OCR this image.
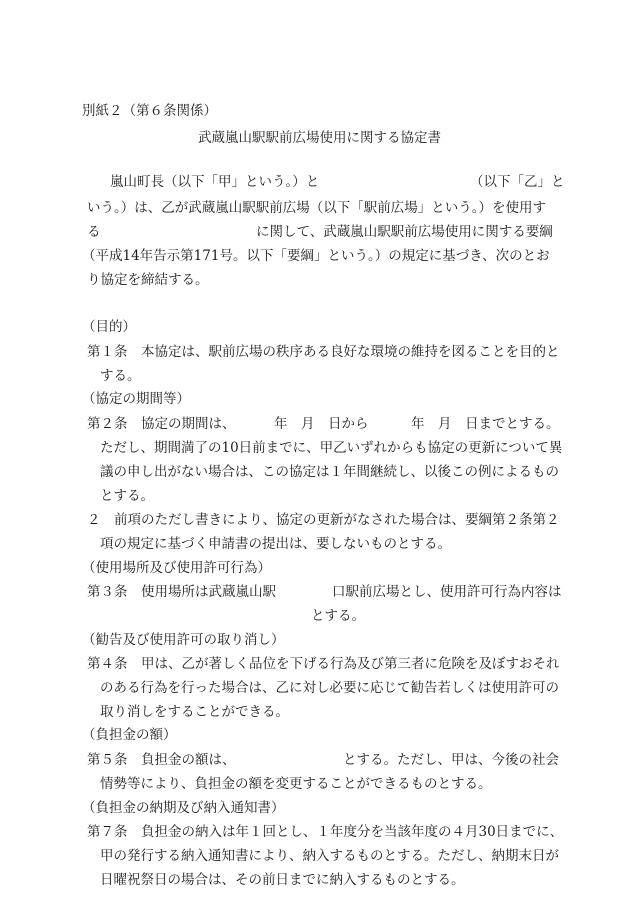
別紙２（第６条関係）
武蔵嵐山駅駅前広場使用に関する協定書
嵐山町長（以下「甲」という。）と	（以下「乙」と
いう。）は、乙が武蔵嵐山駅駅前広場（以下「駅前広場」という。）を使用す
る	に関して、武蔵嵐山駅駅前広場使用に関する要綱
（平成14年告示第171号。以下「要綱」という。）の規定に基づき、次のとお
り協定を締結する。
（目的）
第１条　本協定は、駅前広場の秩序ある良好な環境の維持を図ることを目的と
する。
（協定の期間等）
第２条　協定の期間は、	年　月　日から	年　月　日までとする。
ただし、期間満了の10日前までに、甲乙いずれからも協定の更新について異
議の申し出がない場合は、この協定は１年間継続し、以後この例によるもの
とする。
２　前項のただし書きにより、協定の更新がなされた場合は、要綱第２条第２
項の規定に基づく申請書の提出は、要しないものとする。
（使用場所及び使用許可行為）
第３条　使用場所は武蔵嵐山駅	口駅前広場とし、使用許可行為内容は
とする。
（勧告及び使用許可の取り消し）
第４条　甲は、乙が著しく品位を下げる行為及び第三者に危険を及ぼすおそれ
のある行為を行った場合は、乙に対し必要に応じて勧告若しくは使用許可の
取り消しをすることができる。
（負担金の額）
第５条　負担金の額は、	とする。ただし、甲は、今後の社会
情勢等により、負担金の額を変更することができるものとする。
（負担金の納期及び納入通知書）
第７条　負担金の納入は年１回とし、１年度分を当該年度の４月30日までに、
甲の発行する納入通知書により、納入するものとする。ただし、納期末日が
日曜祝祭日の場合は、その前日までに納入するものとする。
